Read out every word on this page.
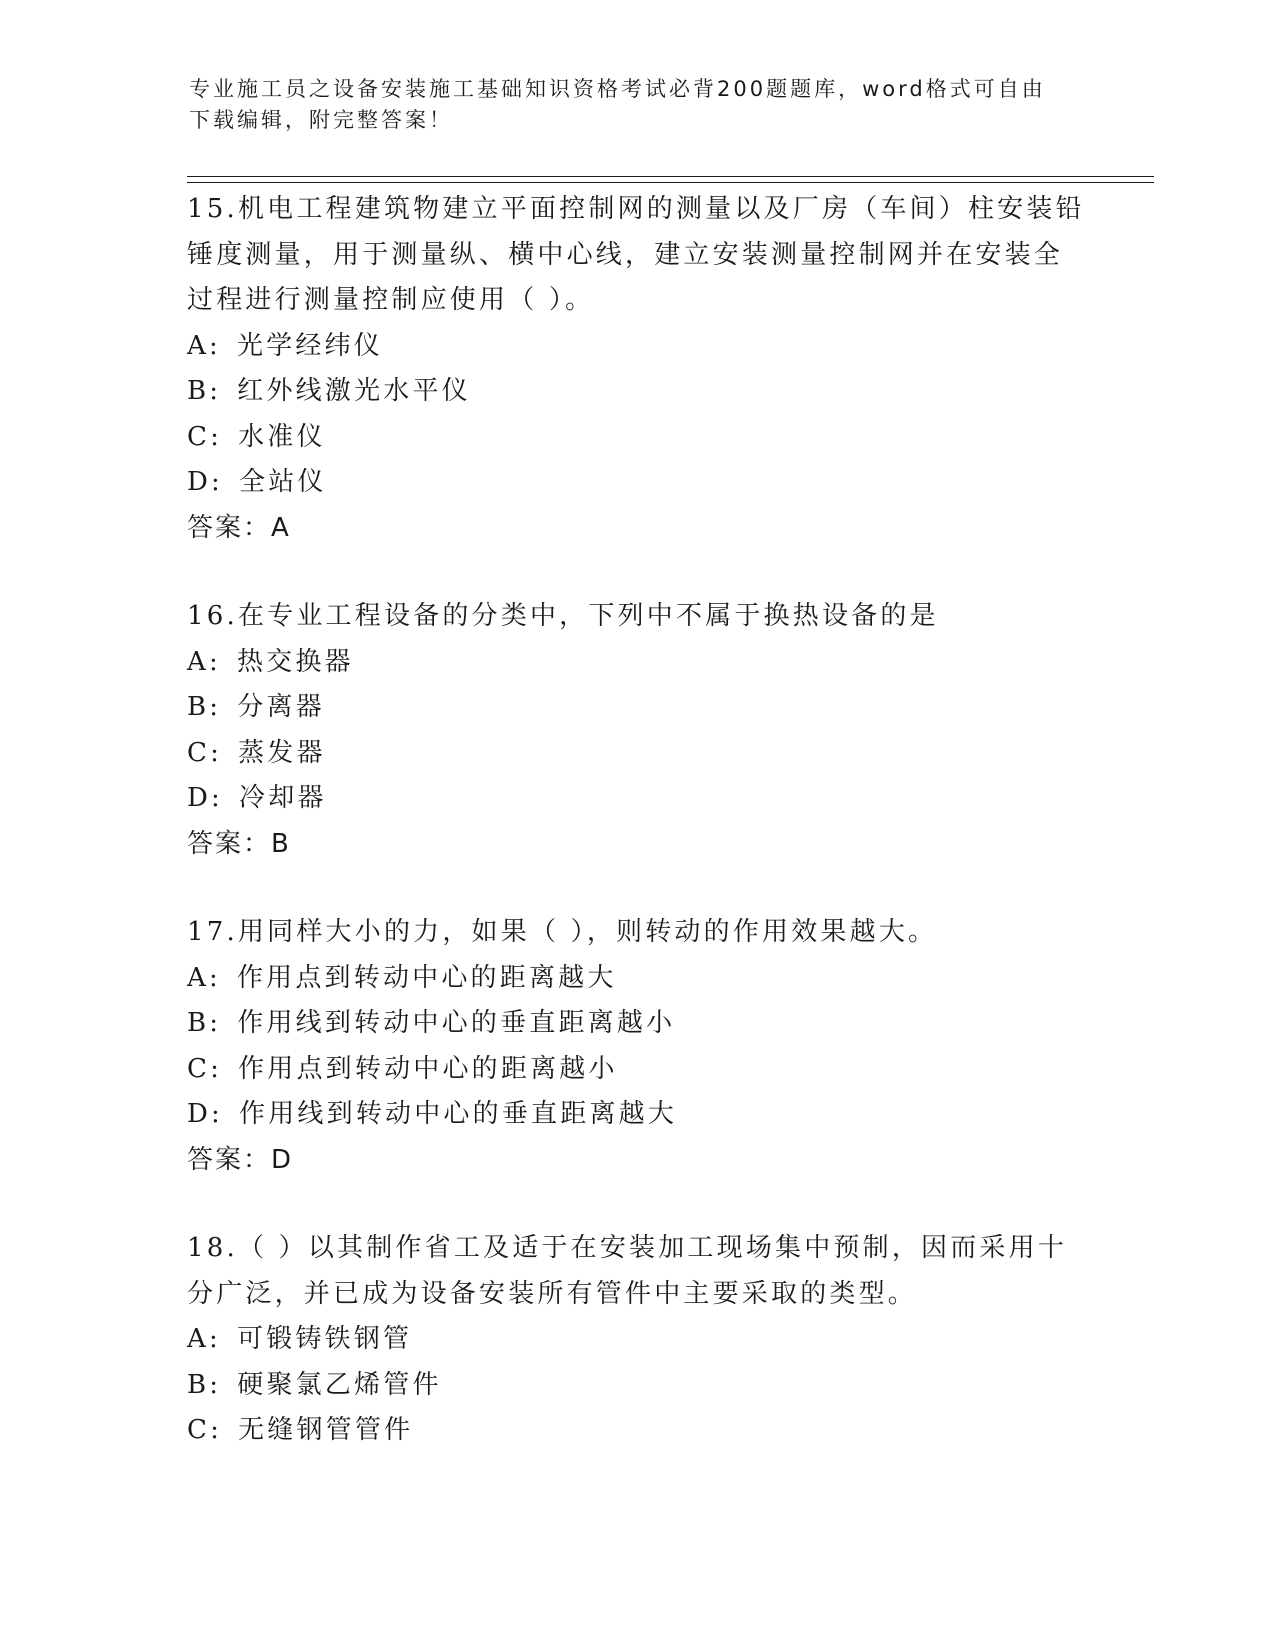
专业施工员之设备安装施工基础知识资格考试必背200题题库，word格式可自由
下载编辑，附完整答案！
15.机电工程建筑物建立平面控制网的测量以及厂房（车间）柱安装铅锤度测量，用于测量纵、横中心线，建立安装测量控制网并在安装全过程进行测量控制应使用（ ）。
A: 光学经纬仪
B: 红外线激光水平仪
C: 水准仪
D: 全站仪
答案：A
16.在专业工程设备的分类中，下列中不属于换热设备的是
A: 热交换器
B: 分离器
C: 蒸发器
D: 冷却器
答案：B
17.用同样大小的力，如果（ ），则转动的作用效果越大。
A: 作用点到转动中心的距离越大
B: 作用线到转动中心的垂直距离越小
C: 作用点到转动中心的距离越小
D: 作用线到转动中心的垂直距离越大
答案：D
18.（ ）以其制作省工及适于在安装加工现场集中预制，因而采用十分广泛，并已成为设备安装所有管件中主要采取的类型。
A: 可锻铸铁钢管
B: 硬聚氯乙烯管件
C: 无缝钢管管件
